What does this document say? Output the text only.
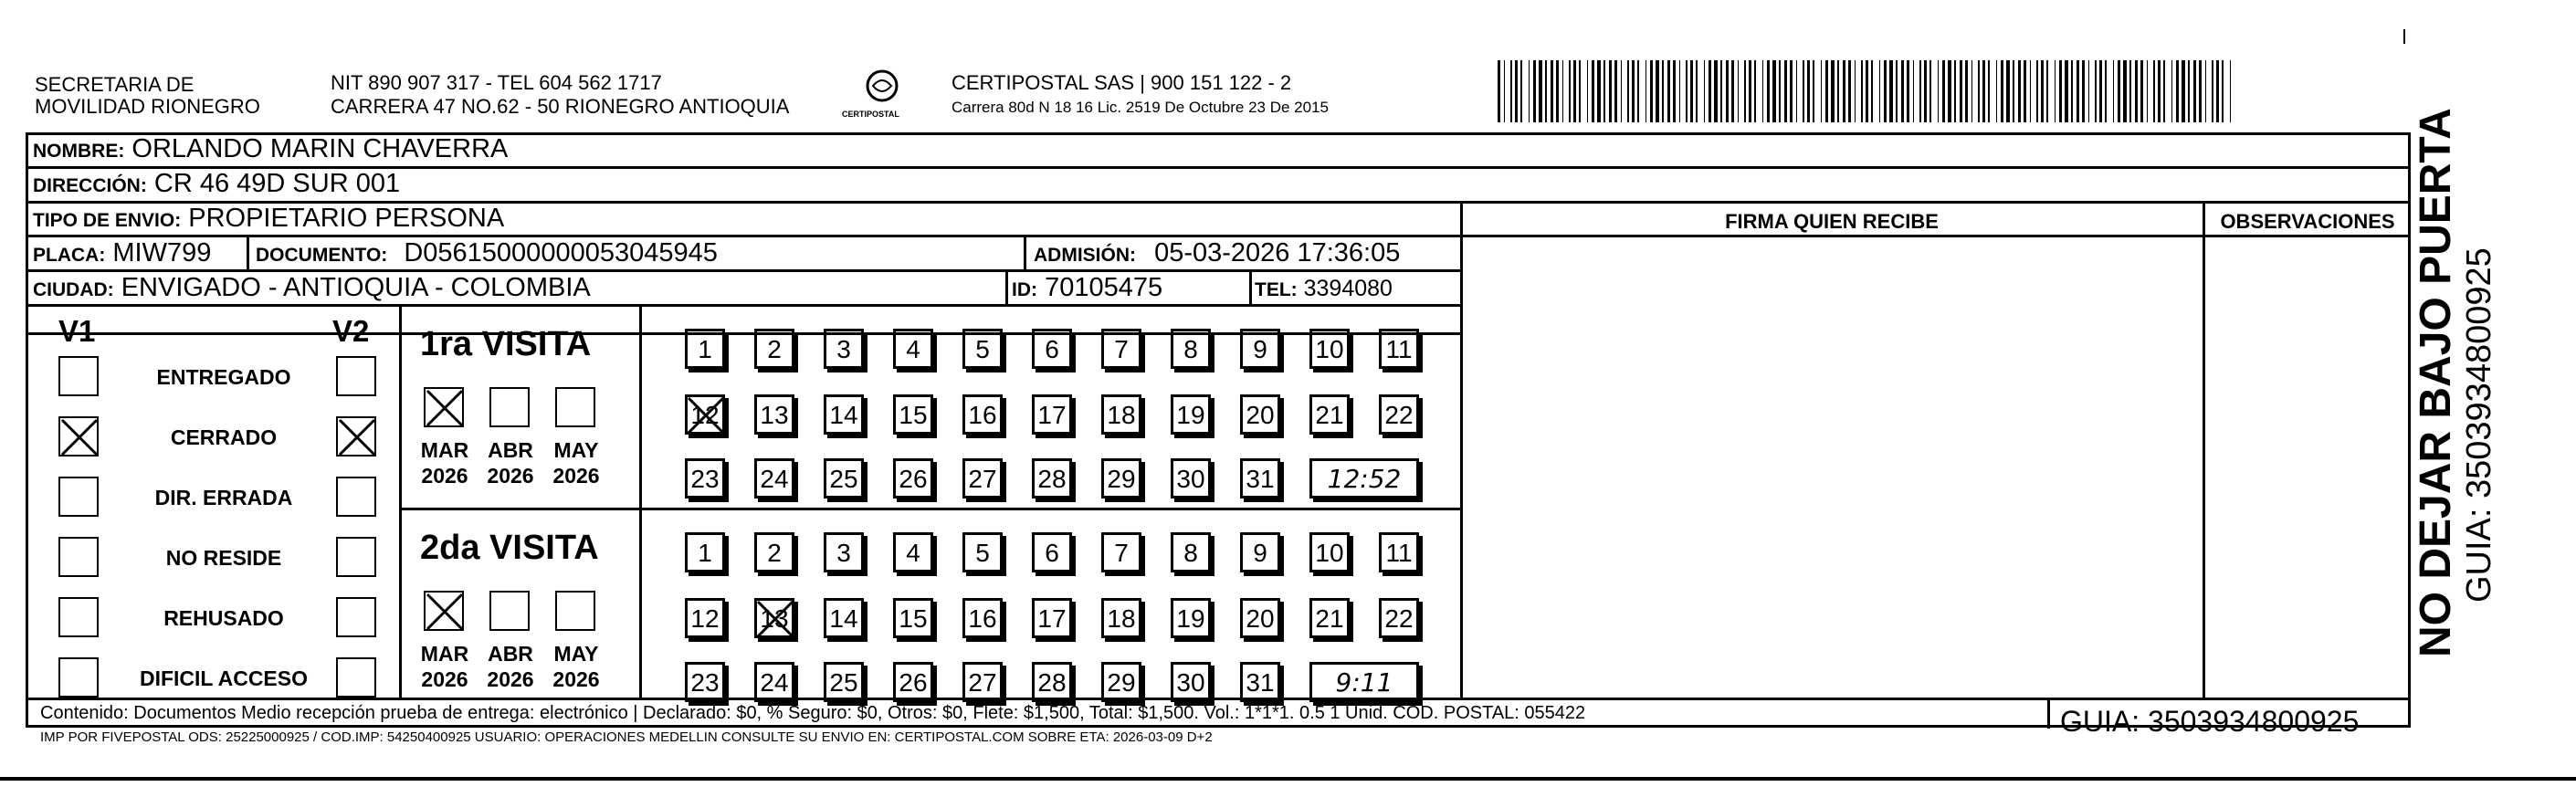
SECRETARIA DE
MOVILIDAD RIONEGRO
NIT 890 907 317 - TEL 604 562 1717
CARRERA 47 NO.62 - 50 RIONEGRO ANTIOQUIA	CERTIPOSTAL
CERTIPOSTAL SAS | 900 151 122 - 2
Carrera 80d N 18 16 Lic. 2519 De Octubre 23 De 2015
NOMBRE: ORLANDO MARIN CHAVERRA
DIRECCIÓN: CR 46 49D SUR 001
TIPO DE ENVIO: PROPIETARIO PERSONA	FIRMA QUIEN RECIBE	OBSERVACIONES
PLACA: MIW799 DOCUMENTO: D05615000000053045945	ADMISIÓN: 05-03-2026 17:36:05
CIUDAD: ENVIGADO - ANTIOQUIA - COLOMBIA	ID: 70105475	TEL: 3394080
V1	V2
ENTREGADO
CERRADO
DIR. ERRADA
NO RESIDE
REHUSADO
DIFICIL ACCESO
1ra VISITA
MAR
2026
ABR
2026
MAY
2026
1	2	3	4	5	6	7	8	9	10 11
12 13 14 15 16 17 18 19 20 21 22
23 24 25 26 27 28 29 30 31	12:52
2da VISITA
MAR
2026
ABR
2026
MAY
2026
1	2	3	4	5	6	7	8	9	10 11
12 13 14 15 16 17 18 19 20 21 22
23 24 25 26 27 28 29 30 31	9:11
Contenido: Documentos Medio recepción prueba de entrega: electrónico | Declarado: $0, % Seguro: $0, Otros: $0, Flete: $1,500, Total: $1,500. Vol.: 1*1*1. 0.5 1 Unid. COD. POSTAL: 055422
IMP POR FIVEPOSTAL ODS: 25225000925 / COD.IMP: 54250400925 USUARIO: OPERACIONES MEDELLIN CONSULTE SU ENVIO EN: CERTIPOSTAL.COM SOBRE ETA: 2026-03-09 D+2	GUIA: 3503934800925
NO DEJAR BAJO PUERTA GUIA: 3503934800925
